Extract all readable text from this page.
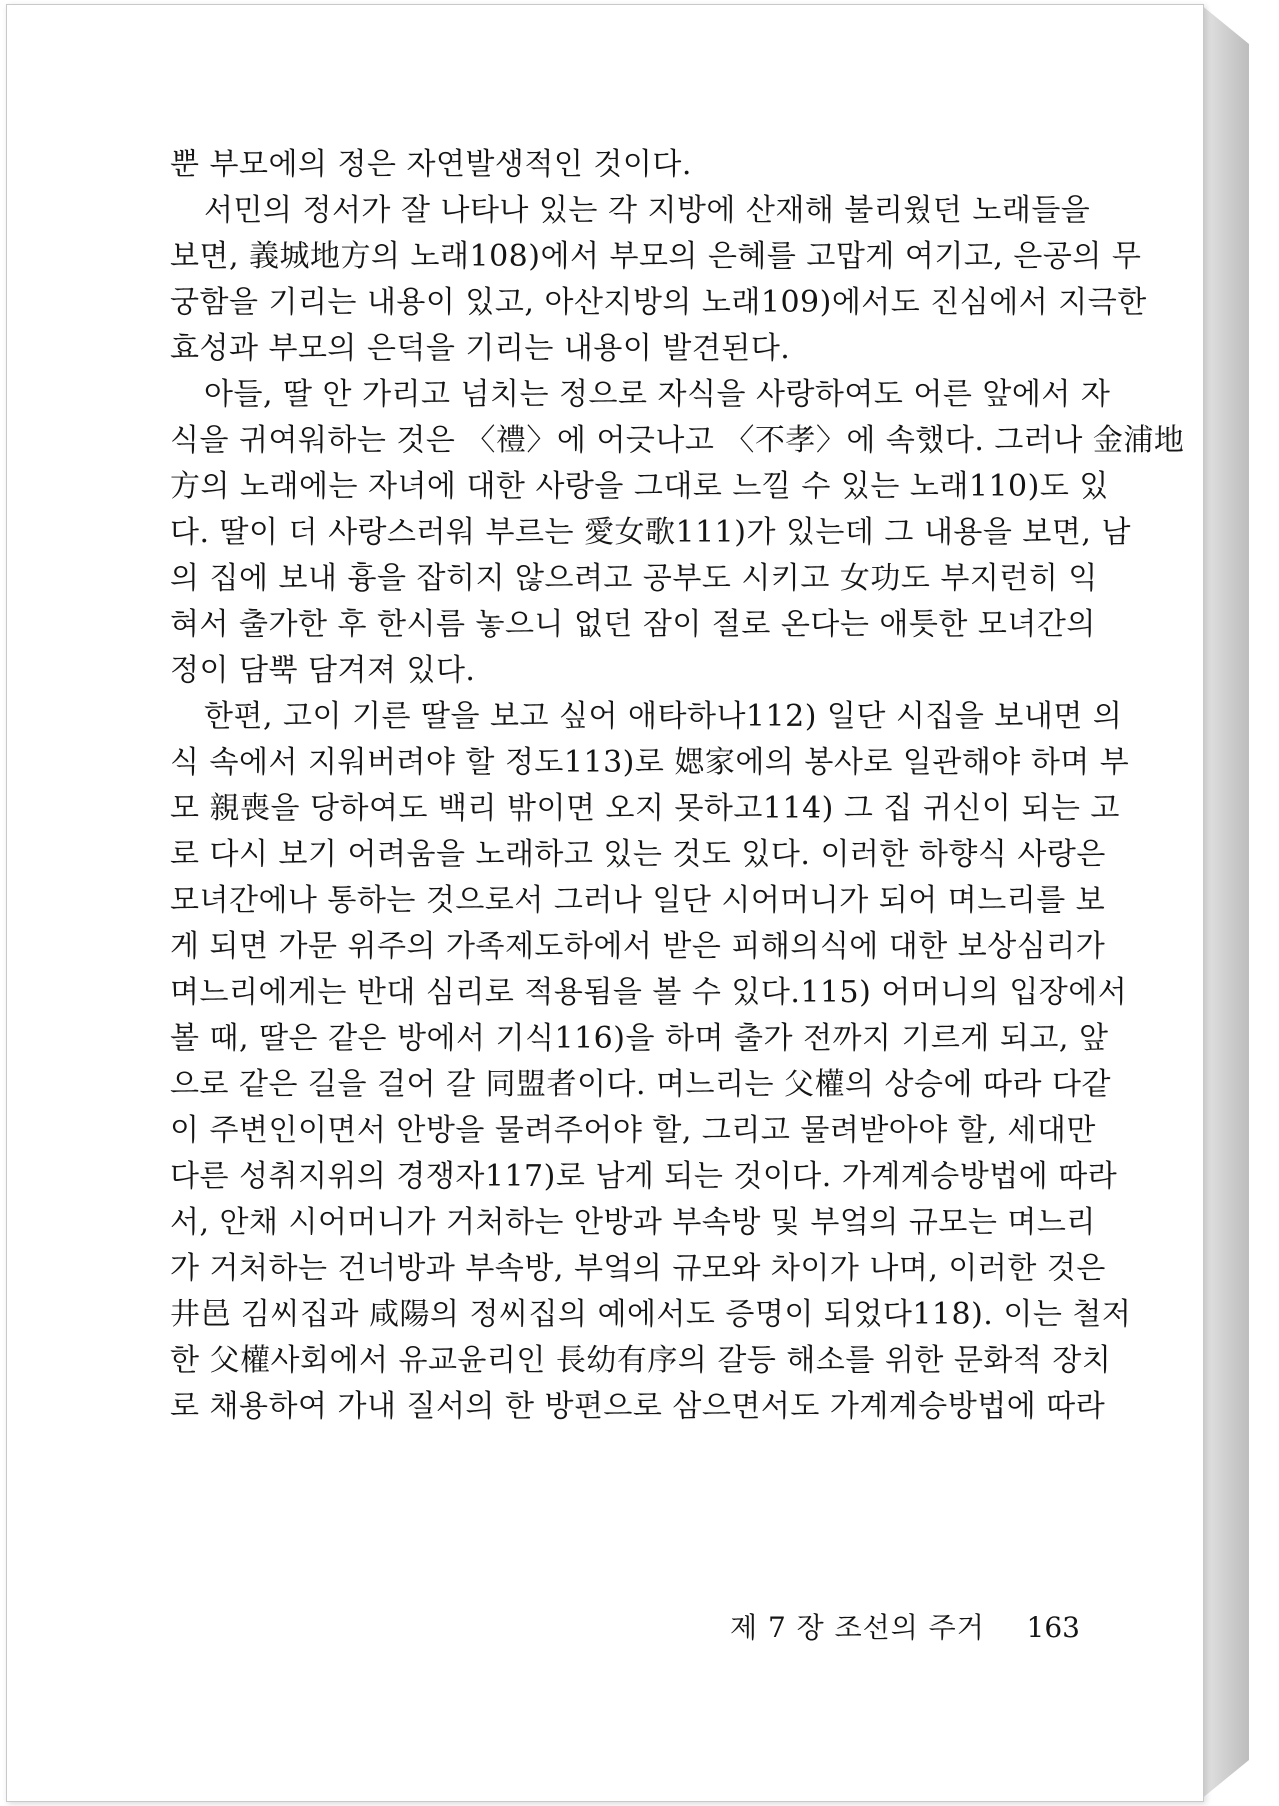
뿐 부모에의 정은 자연발생적인 것이다.
서민의 정서가 잘 나타나 있는 각 지방에 산재해 불리웠던 노래들을
보면, 義城地方의 노래108)에서 부모의 은혜를 고맙게 여기고, 은공의 무
궁함을 기리는 내용이 있고, 아산지방의 노래109)에서도 진심에서 지극한
효성과 부모의 은덕을 기리는 내용이 발견된다.
아들, 딸 안 가리고 넘치는 정으로 자식을 사랑하여도 어른 앞에서 자
식을 귀여워하는 것은 〈禮〉에 어긋나고 〈不孝〉에 속했다. 그러나 金浦地
方의 노래에는 자녀에 대한 사랑을 그대로 느낄 수 있는 노래110)도 있
다. 딸이 더 사랑스러워 부르는 愛女歌111)가 있는데 그 내용을 보면, 남
의 집에 보내 흉을 잡히지 않으려고 공부도 시키고 女功도 부지런히 익
혀서 출가한 후 한시름 놓으니 없던 잠이 절로 온다는 애틋한 모녀간의
정이 담뿍 담겨져 있다.
한편, 고이 기른 딸을 보고 싶어 애타하나112) 일단 시집을 보내면 의
식 속에서 지워버려야 할 정도113)로 媤家에의 봉사로 일관해야 하며 부
모 親喪을 당하여도 백리 밖이면 오지 못하고114) 그 집 귀신이 되는 고
로 다시 보기 어려움을 노래하고 있는 것도 있다. 이러한 하향식 사랑은
모녀간에나 통하는 것으로서 그러나 일단 시어머니가 되어 며느리를 보
게 되면 가문 위주의 가족제도하에서 받은 피해의식에 대한 보상심리가
며느리에게는 반대 심리로 적용됨을 볼 수 있다.115) 어머니의 입장에서
볼 때, 딸은 같은 방에서 기식116)을 하며 출가 전까지 기르게 되고, 앞
으로 같은 길을 걸어 갈 同盟者이다. 며느리는 父權의 상승에 따라 다같
이 주변인이면서 안방을 물려주어야 할, 그리고 물려받아야 할, 세대만
다른 성취지위의 경쟁자117)로 남게 되는 것이다. 가계계승방법에 따라
서, 안채 시어머니가 거처하는 안방과 부속방 및 부엌의 규모는 며느리
가 거처하는 건너방과 부속방, 부엌의 규모와 차이가 나며, 이러한 것은
井邑 김씨집과 咸陽의 정씨집의 예에서도 증명이 되었다118). 이는 철저
한 父權사회에서 유교윤리인 長幼有序의 갈등 해소를 위한 문화적 장치
로 채용하여 가내 질서의 한 방편으로 삼으면서도 가계계승방법에 따라
제 7 장 조선의 주거 163
